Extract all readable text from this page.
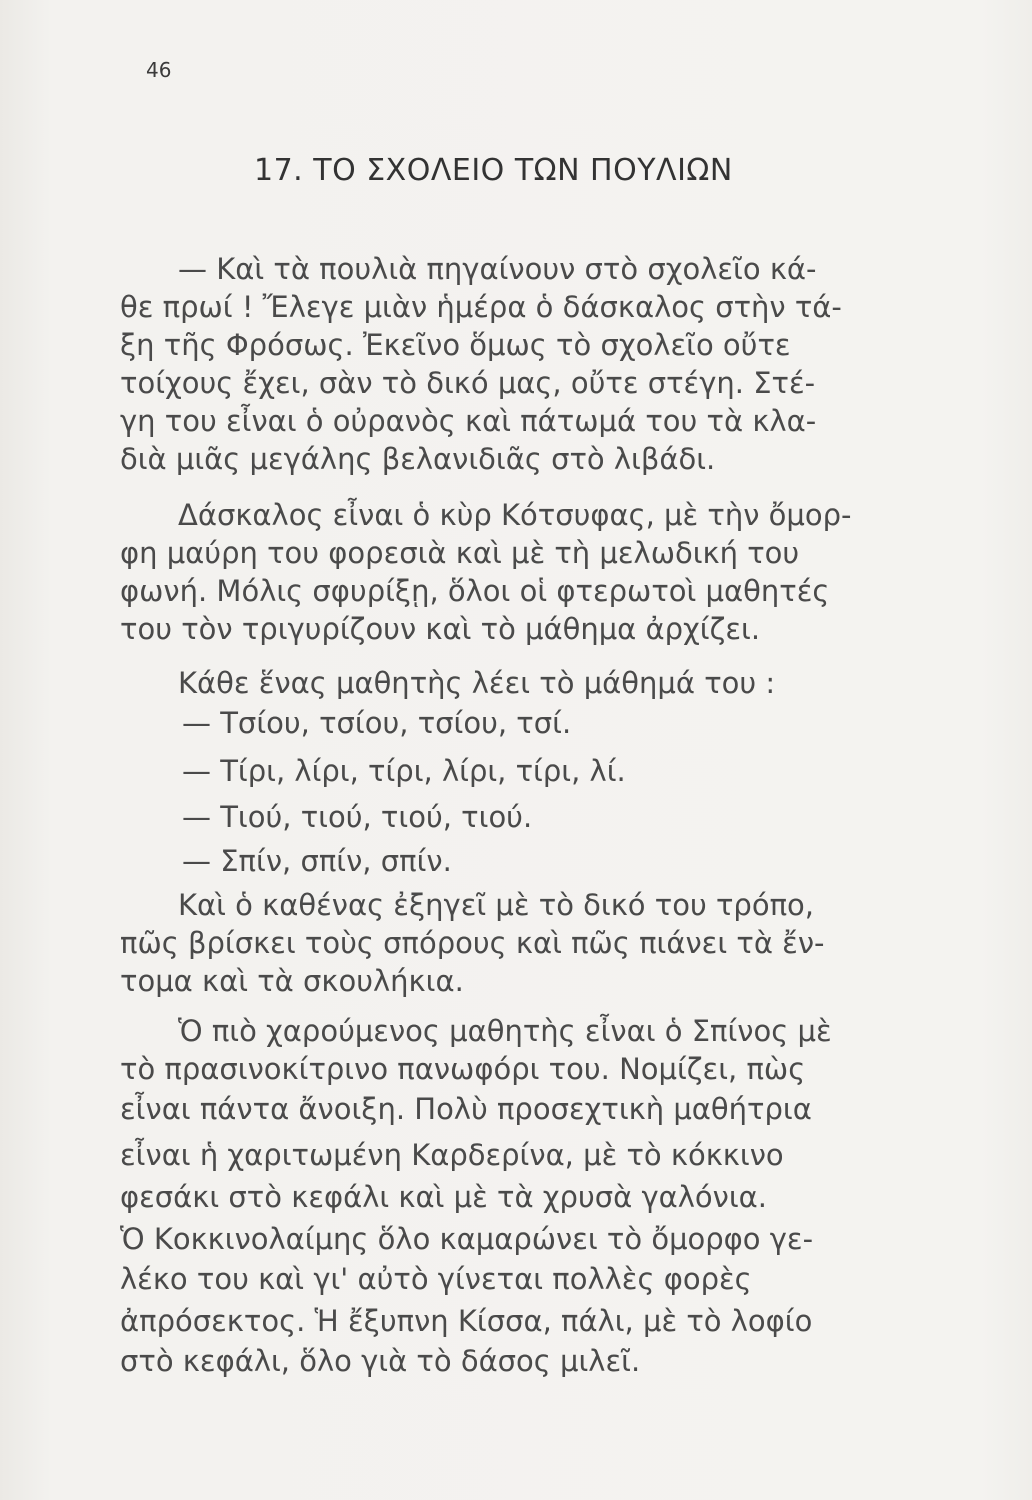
46
17. ΤΟ ΣΧΟΛΕΙΟ ΤΩΝ ΠΟΥΛΙΩΝ
— Καὶ τὰ πουλιὰ πηγαίνουν στὸ σχολεῖο κά-
θε πρωί ! Ἔλεγε μιὰν ἡμέρα ὁ δάσκαλος στὴν τά-
ξη τῆς Φρόσως. Ἐκεῖνο ὅμως τὸ σχολεῖο οὔτε
τοίχους ἔχει, σὰν τὸ δικό μας, οὔτε στέγη. Στέ-
γη του εἶναι ὁ οὐρανὸς καὶ πάτωμά του τὰ κλα-
διὰ μιᾶς μεγάλης βελανιδιᾶς στὸ λιβάδι.
Δάσκαλος εἶναι ὁ κὺρ Κότσυφας, μὲ τὴν ὄμορ-
φη μαύρη του φορεσιὰ καὶ μὲ τὴ μελωδική του
φωνή. Μόλις σφυρίξῃ, ὅλοι οἱ φτερωτοὶ μαθητές
του τὸν τριγυρίζουν καὶ τὸ μάθημα ἀρχίζει.
Κάθε ἕνας μαθητὴς λέει τὸ μάθημά του :
— Τσίου, τσίου, τσίου, τσί.
— Τίρι, λίρι, τίρι, λίρι, τίρι, λί.
— Τιού, τιού, τιού, τιού.
— Σπίν, σπίν, σπίν.
Καὶ ὁ καθένας ἐξηγεῖ μὲ τὸ δικό του τρόπο,
πῶς βρίσκει τοὺς σπόρους καὶ πῶς πιάνει τὰ ἔν-
τομα καὶ τὰ σκουλήκια.
Ὁ πιὸ χαρούμενος μαθητὴς εἶναι ὁ Σπίνος μὲ
τὸ πρασινοκίτρινο πανωφόρι του. Νομίζει, πὼς
εἶναι πάντα ἄνοιξη. Πολὺ προσεχτικὴ μαθήτρια
εἶναι ἡ χαριτωμένη Καρδερίνα, μὲ τὸ κόκκινο
φεσάκι στὸ κεφάλι καὶ μὲ τὰ χρυσὰ γαλόνια.
Ὁ Κοκκινολαίμης ὅλο καμαρώνει τὸ ὄμορφο γε-
λέκο του καὶ γι' αὐτὸ γίνεται πολλὲς φορὲς
ἀπρόσεκτος. Ἡ ἔξυπνη Κίσσα, πάλι, μὲ τὸ λοφίο
στὸ κεφάλι, ὅλο γιὰ τὸ δάσος μιλεῖ.
